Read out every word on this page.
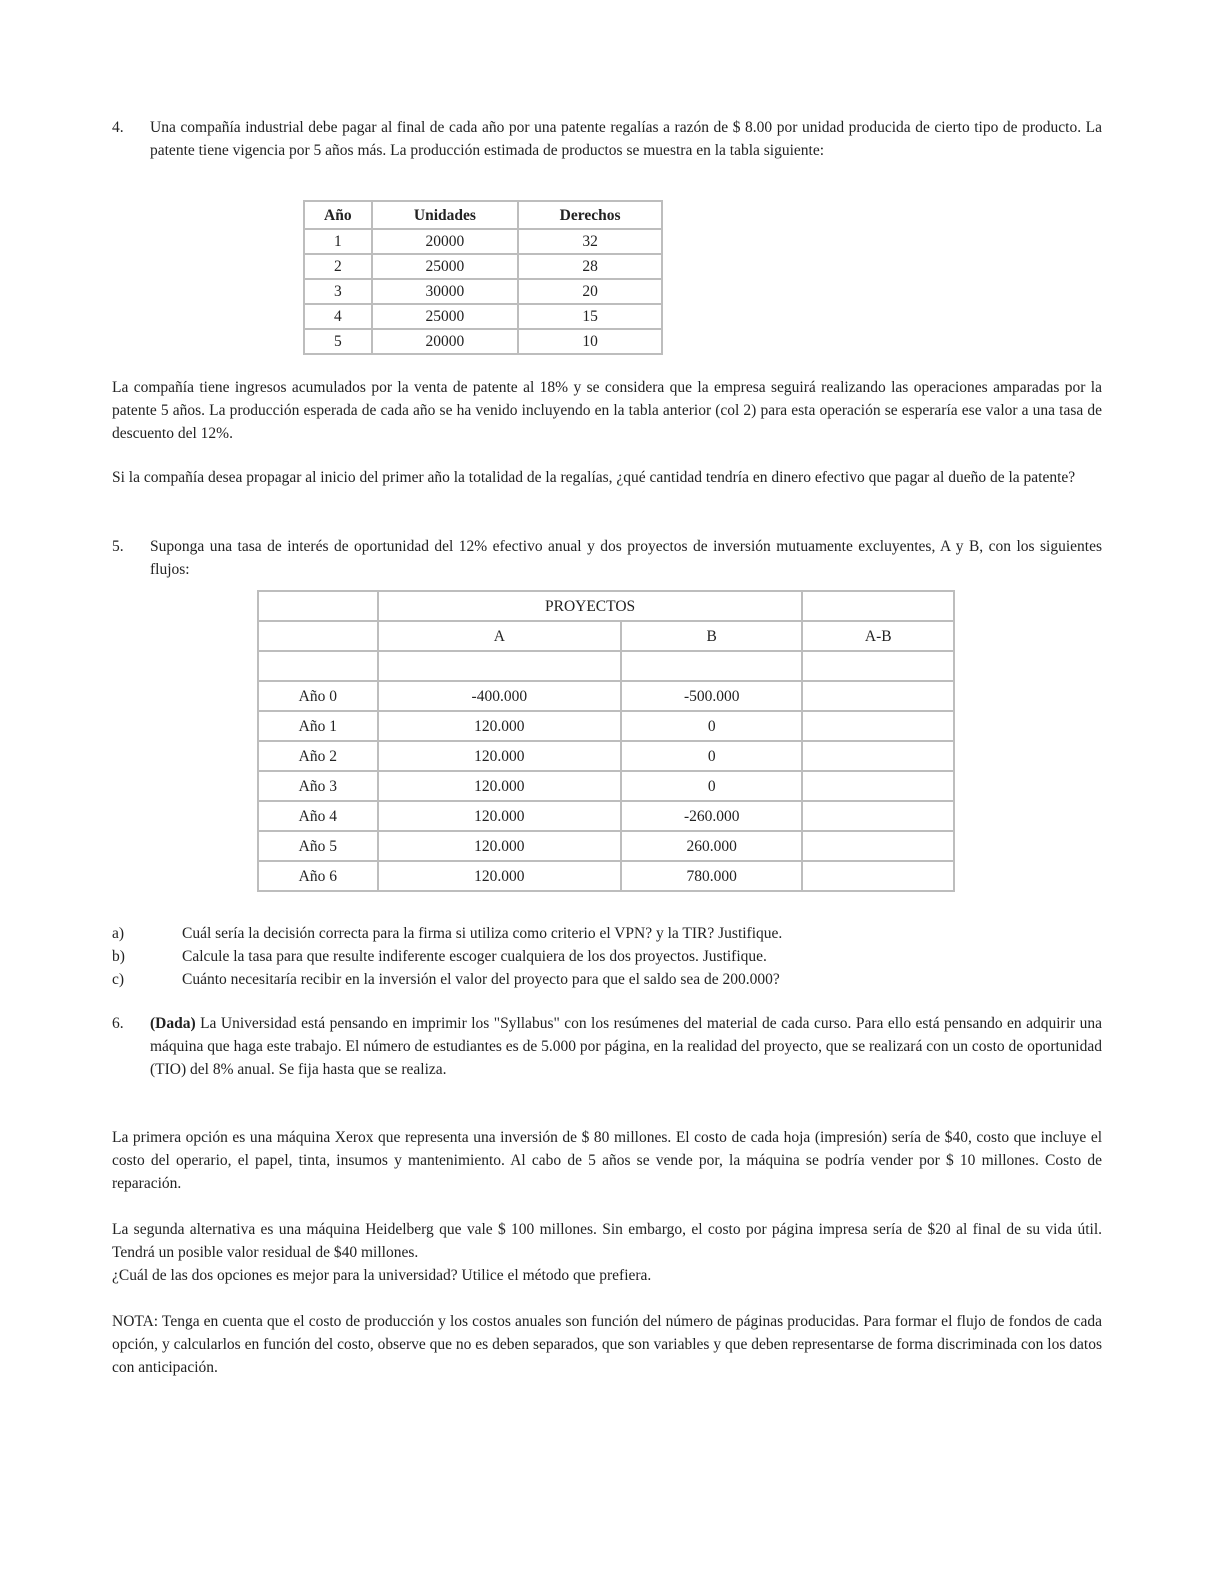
4.	Una compañía industrial debe pagar al final de cada año por una patente regalías a razón de $ 8.00 por unidad producida de cierto tipo de producto. La patente tiene vigencia por 5 años más. La producción estimada de productos se muestra en la tabla siguiente:
Año	Unidades	Derechos
1	20000	32
2	25000	28
3	30000	20
4	25000	15
5	20000	10

La compañía tiene ingresos acumulados por la venta de patente al 18% y se considera que la empresa seguirá realizando las operaciones amparadas por la patente 5 años. La producción esperada de cada año se ha venido incluyendo en la tabla anterior (col 2) para esta operación se esperaría ese valor a una tasa de descuento del 12%.

Si la compañía desea propagar al inicio del primer año la totalidad de la regalías, ¿qué cantidad tendría en dinero efectivo que pagar al dueño de la patente?

5.	Suponga una tasa de interés de oportunidad del 12% efectivo anual y dos proyectos de inversión mutuamente excluyentes, A y B, con los siguientes flujos:
	PROYECTOS		
	A	B	A-B

Año 0	-400.000	-500.000	
Año 1	120.000	0	
Año 2	120.000	0	
Año 3	120.000	0	
Año 4	120.000	-260.000	
Año 5	120.000	260.000	
Año 6	120.000	780.000	
a)	Cuál sería la decisión correcta para la firma si utiliza como criterio el VPN? y la TIR? Justifique.
b)	Calcule la tasa para que resulte indiferente escoger cualquiera de los dos proyectos. Justifique.
c)	Cuánto necesitaría recibir en la inversión el valor del proyecto para que el saldo sea de 200.000?
6.	(Dada) La Universidad está pensando en imprimir los "Syllabus" con los resúmenes del material de cada curso. Para ello está pensando en adquirir una máquina que haga este trabajo. El número de estudiantes es de 5.000 por página, en la realidad del proyecto, que se realizará con un costo de oportunidad (TIO) del 8% anual. Se fija hasta que se realiza.

La primera opción es una máquina Xerox que representa una inversión de $ 80 millones. El costo de cada hoja (impresión) sería de $40, costo que incluye el costo del operario, el papel, tinta, insumos y mantenimiento. Al cabo de 5 años se vende por, la máquina se podría vender por $ 10 millones. Costo de reparación.

La segunda alternativa es una máquina Heidelberg que vale $ 100 millones. Sin embargo, el costo por página impresa sería de $20 al final de su vida útil. Tendrá un posible valor residual de $40 millones.

¿Cuál de las dos opciones es mejor para la universidad? Utilice el método que prefiera.

NOTA: Tenga en cuenta que el costo de producción y los costos anuales son función del número de páginas producidas. Para formar el flujo de fondos de cada opción, y calcularlos en función del costo, observe que no es deben separados, que son variables y que deben representarse de forma discriminada con los datos con anticipación.
